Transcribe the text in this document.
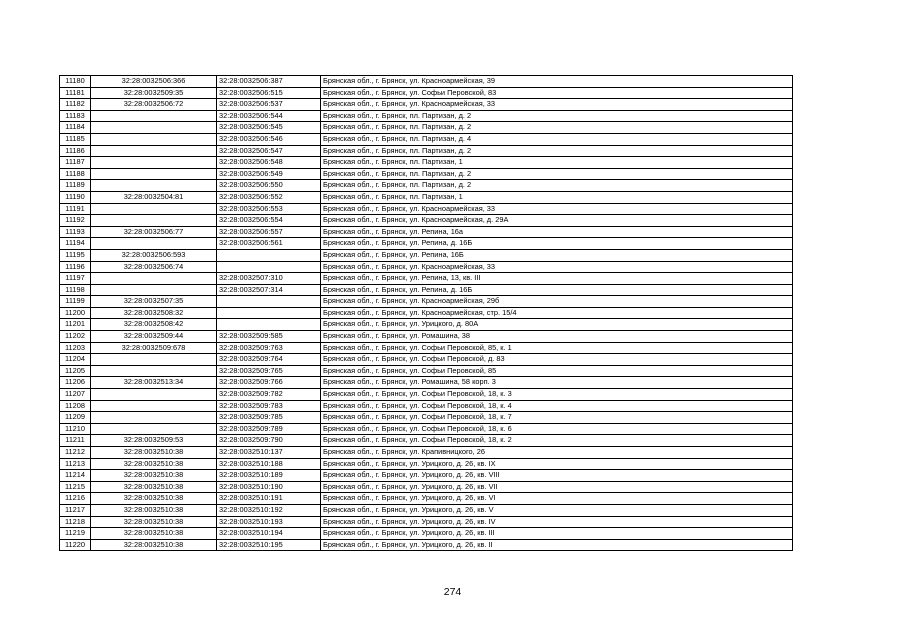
11180	32:28:0032506:366	32:28:0032506:387	Брянская обл., г. Брянск, ул. Красноармейская, 39
11181	32:28:0032509:35	32:28:0032506:515	Брянская обл., г. Брянск, ул. Софьи Перовской, 83
11182	32:28:0032506:72	32:28:0032506:537	Брянская обл., г. Брянск, ул. Красноармейская, 33
11183		32:28:0032506:544	Брянская обл., г. Брянск, пл. Партизан, д. 2
11184		32:28:0032506:545	Брянская обл., г. Брянск, пл. Партизан, д. 2
11185		32:28:0032506:546	Брянская обл., г. Брянск, пл. Партизан, д. 4
11186		32:28:0032506:547	Брянская обл., г. Брянск, пл. Партизан, д. 2
11187		32:28:0032506:548	Брянская обл., г. Брянск, пл. Партизан, 1
11188		32:28:0032506:549	Брянская обл., г. Брянск, пл. Партизан, д. 2
11189		32:28:0032506:550	Брянская обл., г. Брянск, пл. Партизан, д. 2
11190	32:28:0032504:81	32:28:0032506:552	Брянская обл., г. Брянск, пл. Партизан, 1
11191		32:28:0032506:553	Брянская обл., г. Брянск, ул. Красноармейская, 33
11192		32:28:0032506:554	Брянская обл., г. Брянск, ул. Красноармейская, д. 29А
11193	32:28:0032506:77	32:28:0032506:557	Брянская обл., г. Брянск, ул. Репина, 16а
11194		32:28:0032506:561	Брянская обл., г. Брянск, ул. Репина, д. 16Б
11195	32:28:0032506:593		Брянская обл., г. Брянск, ул. Репина, 16Б
11196	32:28:0032506:74		Брянская обл., г. Брянск, ул. Красноармейская, 33
11197		32:28:0032507:310	Брянская обл., г. Брянск, ул. Репина, 13, кв. III
11198		32:28:0032507:314	Брянская обл., г. Брянск, ул. Репина, д. 16Б
11199	32:28:0032507:35		Брянская обл., г. Брянск, ул. Красноармейская, 29б
11200	32:28:0032508:32		Брянская обл., г. Брянск, ул. Красноармейская, стр. 15/4
11201	32:28:0032508:42		Брянская обл., г. Брянск, ул. Урицкого, д. 80А
11202	32:28:0032509:44	32:28:0032509:585	Брянская обл., г. Брянск, ул. Ромашина, 38
11203	32:28:0032509:678	32:28:0032509:763	Брянская обл., г. Брянск, ул. Софьи Перовской, 85, к. 1
11204		32:28:0032509:764	Брянская обл., г. Брянск, ул. Софьи Перовской, д. 83
11205		32:28:0032509:765	Брянская обл., г. Брянск, ул. Софьи Перовской, 85
11206	32:28:0032513:34	32:28:0032509:766	Брянская обл., г. Брянск, ул. Ромашина, 58 корп. 3
11207		32:28:0032509:782	Брянская обл., г. Брянск, ул. Софьи Перовской, 18, к. 3
11208		32:28:0032509:783	Брянская обл., г. Брянск, ул. Софьи Перовской, 18, к. 4
11209		32:28:0032509:785	Брянская обл., г. Брянск, ул. Софьи Перовской, 18, к. 7
11210		32:28:0032509:789	Брянская обл., г. Брянск, ул. Софьи Перовской, 18, к. 6
11211	32:28:0032509:53	32:28:0032509:790	Брянская обл., г. Брянск, ул. Софьи Перовской, 18, к. 2
11212	32:28:0032510:38	32:28:0032510:137	Брянская обл., г. Брянск, ул. Крапивницкого, 26
11213	32:28:0032510:38	32:28:0032510:188	Брянская обл., г. Брянск, ул. Урицкого, д. 26, кв. IX
11214	32:28:0032510:38	32:28:0032510:189	Брянская обл., г. Брянск, ул. Урицкого, д. 26, кв. VIII
11215	32:28:0032510:38	32:28:0032510:190	Брянская обл., г. Брянск, ул. Урицкого, д. 26, кв. VII
11216	32:28:0032510:38	32:28:0032510:191	Брянская обл., г. Брянск, ул. Урицкого, д. 26, кв. VI
11217	32:28:0032510:38	32:28:0032510:192	Брянская обл., г. Брянск, ул. Урицкого, д. 26, кв. V
11218	32:28:0032510:38	32:28:0032510:193	Брянская обл., г. Брянск, ул. Урицкого, д. 26, кв. IV
11219	32:28:0032510:38	32:28:0032510:194	Брянская обл., г. Брянск, ул. Урицкого, д. 26, кв. III
11220	32:28:0032510:38	32:28:0032510:195	Брянская обл., г. Брянск, ул. Урицкого, д. 26, кв. II
274
